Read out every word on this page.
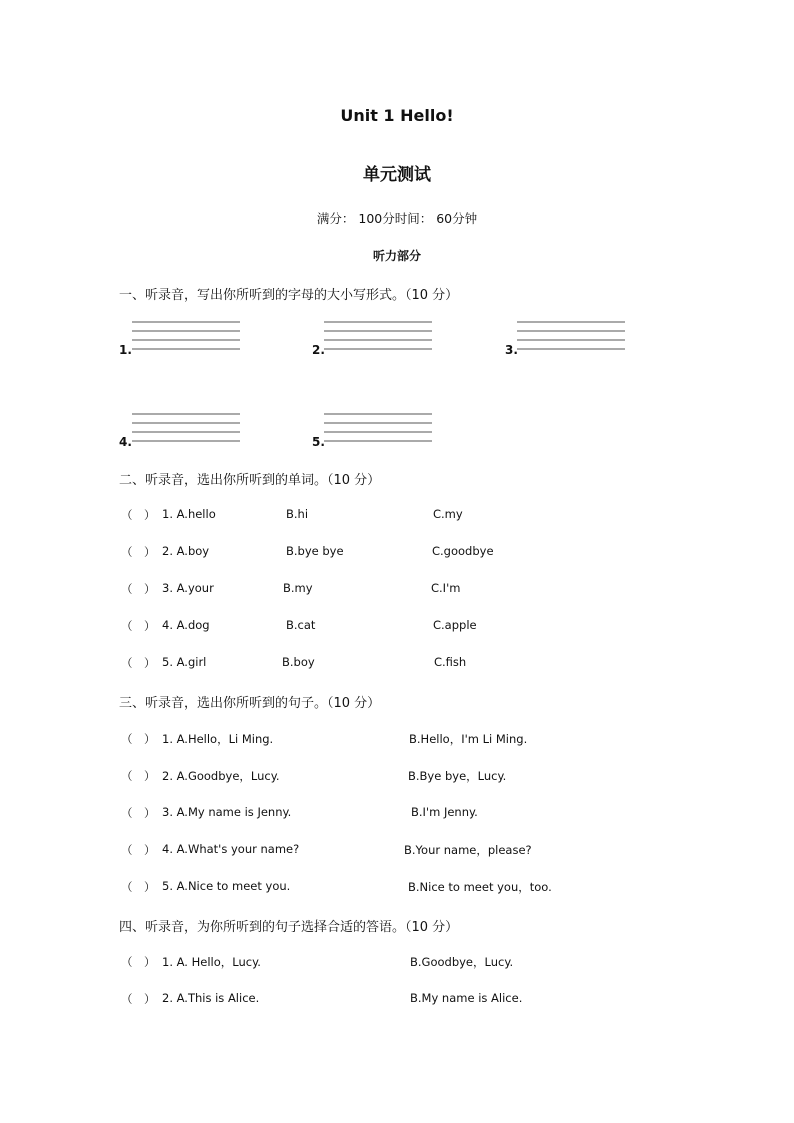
Unit 1 Hello!
单元测试
满分： 100分时间： 60分钟
听力部分
一、听录音，写出你所听到的字母的大小写形式。（10 分）
1.	2.	3.
4.	5.
二、听录音，选出你所听到的单词。（10 分）
（　） 1. A.hello	B.hi	C.my
（　） 2. A.boy	B.bye bye	C.goodbye
（　） 3. A.your	B.my	C.I'm
（　） 4. A.dog	B.cat	C.apple
（　） 5. A.girl	B.boy	C.fish
三、听录音，选出你所听到的句子。（10 分）
（　） 1. A.Hello，Li Ming.	B.Hello，I'm Li Ming.
（　） 2. A.Goodbye，Lucy.	B.Bye bye，Lucy.
（　） 3. A.My name is Jenny.	B.I'm Jenny.
（　） 4. A.What's your name?	B.Your name，please?
（　） 5. A.Nice to meet you.	B.Nice to meet you，too.
四、听录音，为你所听到的句子选择合适的答语。（10 分）
（　） 1. A. Hello，Lucy.	B.Goodbye，Lucy.
（　） 2. A.This is Alice.	B.My name is Alice.
